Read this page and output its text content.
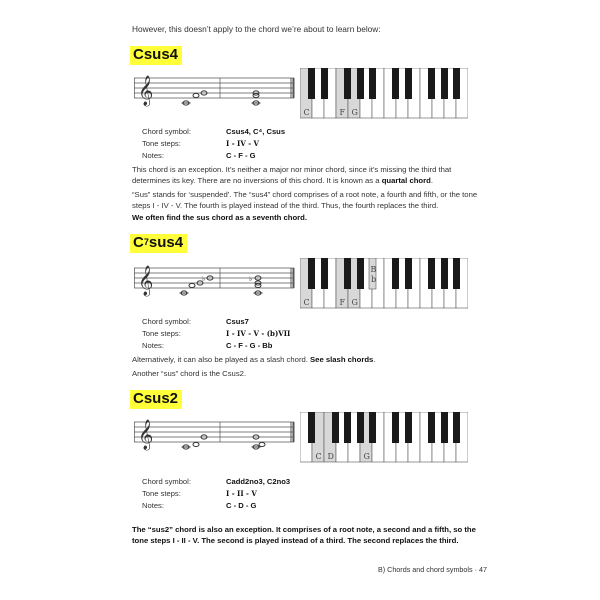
However, this doesn’t apply to the chord we’re about to learn below:
Csus4
𝄞
C	F G
Chord symbol:	Csus4, C⁴, Csus
Tone steps:	I - IV - V
Notes:	C - F - G
This chord is an exception. It’s neither a major nor minor chord, since it’s missing the third that determines its key. There are no inversions of this chord. It is known as a quartal chord.
“Sus” stands for ‘suspended’. The “sus4” chord comprises of a root note, a fourth and fifth, or the tone steps I - IV - V. The fourth is played instead of the third. Thus, the fourth replaces the third.
We often find the sus chord as a seventh chord.
$C^7sus4$
𝄞	♭	♭
C	F G
B
b
Chord symbol:	Csus7
Tone steps:	I - IV - V - (b)VII
Notes:	C - F - G - Bb
Alternatively, it can also be played as a slash chord. See slash chords.
Another “sus” chord is the Csus2.
Csus2
𝄞
C D	G
Chord symbol:	Cadd2no3, C2no3
Tone steps:	I - II - V
Notes:	C - D - G
The “sus2” chord is also an exception. It comprises of a root note, a second and a fifth, so the tone steps I - II - V. The second is played instead of a third. The second replaces the third.
B) Chords and chord symbols · 47
